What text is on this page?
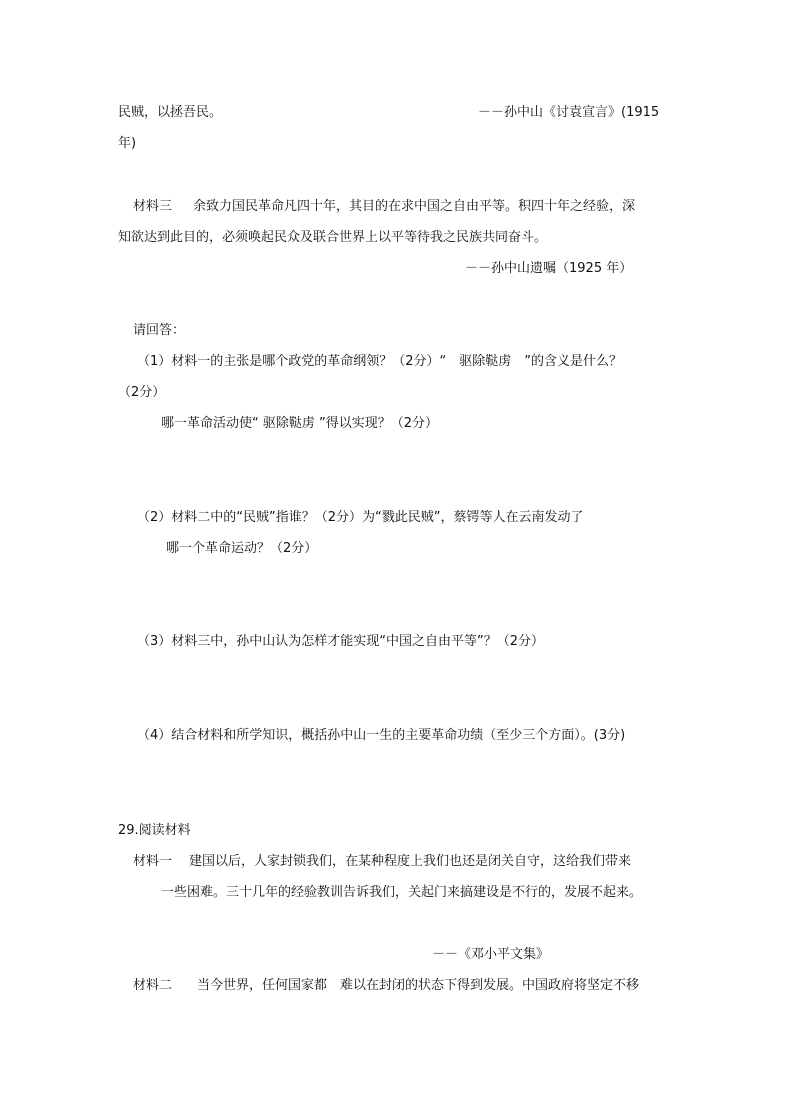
民贼，以拯吾民。	－－孙中山《讨袁宣言》(1915
年)
材料三 余致力国民革命凡四十年，其目的在求中国之自由平等。积四十年之经验，深
知欲达到此目的，必须唤起民众及联合世界上以平等待我之民族共同奋斗。
－－孙中山遗嘱（1925 年）
请回答：
（1）材料一的主张是哪个政党的革命纲领？（2分）“　驱除鞑虏　”的含义是什么？
（2分）
哪一革命活动使“ 驱除鞑虏 ”得以实现？（2分）
（2）材料二中的“民贼”指谁？（2分）为“戮此民贼”，蔡锷等人在云南发动了
哪一个革命运动？（2分）
（3）材料三中，孙中山认为怎样才能实现“中国之自由平等”？（2分）
（4）结合材料和所学知识，概括孙中山一生的主要革命功绩（至少三个方面）。(3分)
29.阅读材料
材料一 建国以后，人家封锁我们，在某种程度上我们也还是闭关自守，这给我们带来
一些困难。三十几年的经验教训告诉我们，关起门来搞建设是不行的，发展不起来。
－－《邓小平文集》
材料二 当今世界，任何国家都　难以在封闭的状态下得到发展。中国政府将坚定不移
